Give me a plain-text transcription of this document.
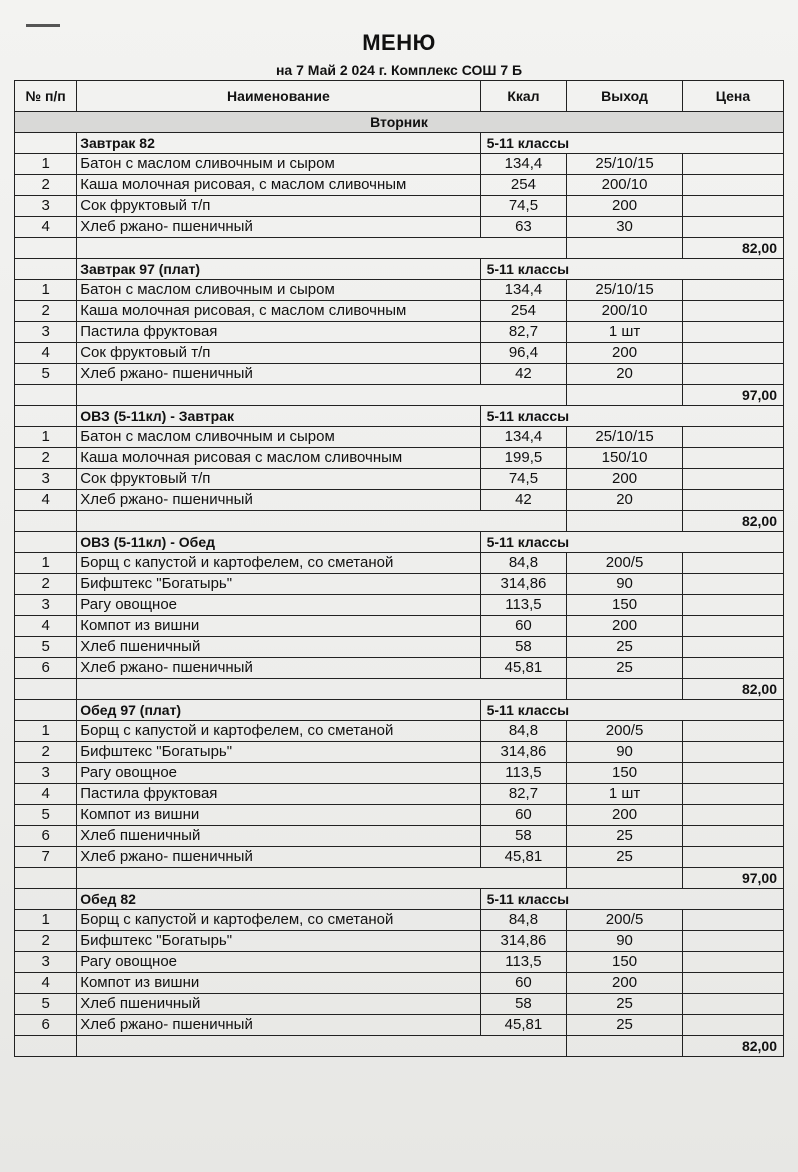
МЕНЮ
на 7 Май 2 024 г. Комплекс СОШ 7 Б
№ п/п	Наименование	Ккал	Выход	Цена
Вторник				
	Завтрак 82	5-11 классы		
1	Батон с маслом сливочным и сыром	134,4	25/10/15	
2	Каша молочная рисовая, с маслом сливочным	254	200/10	
3	Сок фруктовый т/п	74,5	200	
4	Хлеб ржано- пшеничный	63	30	
				82,00
	Завтрак 97 (плат)	5-11 классы		
1	Батон с маслом сливочным и сыром	134,4	25/10/15	
2	Каша молочная рисовая, с маслом сливочным	254	200/10	
3	Пастила фруктовая	82,7	1 шт	
4	Сок фруктовый т/п	96,4	200	
5	Хлеб ржано- пшеничный	42	20	
				97,00
	ОВЗ (5-11кл) - Завтрак	5-11 классы		
1	Батон с маслом сливочным и сыром	134,4	25/10/15	
2	Каша молочная рисовая с маслом сливочным	199,5	150/10	
3	Сок фруктовый т/п	74,5	200	
4	Хлеб ржано- пшеничный	42	20	
				82,00
	ОВЗ (5-11кл) - Обед	5-11 классы		
1	Борщ с капустой и картофелем, со сметаной	84,8	200/5	
2	Бифштекс "Богатырь"	314,86	90	
3	Рагу овощное	113,5	150	
4	Компот из вишни	60	200	
5	Хлеб пшеничный	58	25	
6	Хлеб ржано- пшеничный	45,81	25	
				82,00
	Обед 97 (плат)	5-11 классы		
1	Борщ с капустой и картофелем, со сметаной	84,8	200/5	
2	Бифштекс "Богатырь"	314,86	90	
3	Рагу овощное	113,5	150	
4	Пастила фруктовая	82,7	1 шт	
5	Компот из вишни	60	200	
6	Хлеб пшеничный	58	25	
7	Хлеб ржано- пшеничный	45,81	25	
				97,00
	Обед 82	5-11 классы		
1	Борщ с капустой и картофелем, со сметаной	84,8	200/5	
2	Бифштекс "Богатырь"	314,86	90	
3	Рагу овощное	113,5	150	
4	Компот из вишни	60	200	
5	Хлеб пшеничный	58	25	
6	Хлеб ржано- пшеничный	45,81	25	
				82,00
